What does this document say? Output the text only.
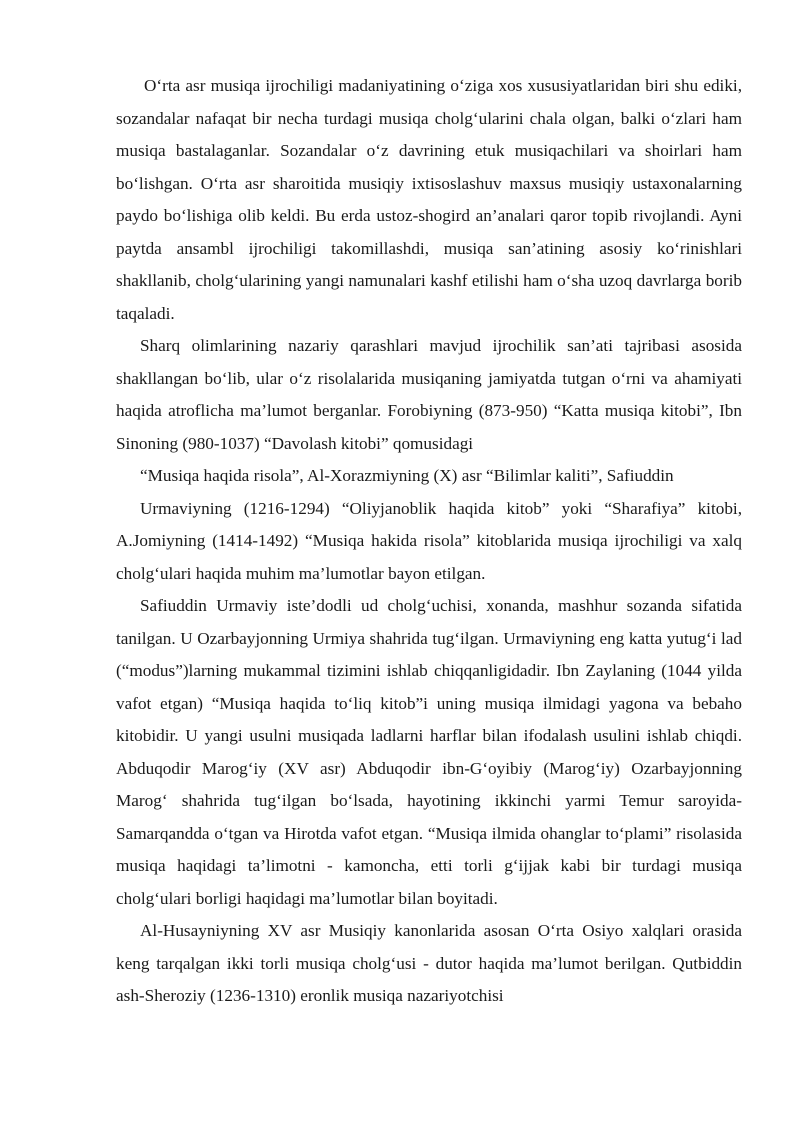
O‘rta asr musiqa ijrochiligi madaniyatining o‘ziga xos xususiyatlaridan biri shu ediki, sozandalar nafaqat bir necha turdagi musiqa cholg‘ularini chala olgan, balki o‘zlari ham musiqa bastalaganlar. Sozandalar o‘z davrining etuk musiqachilari va shoirlari ham bo‘lishgan. O‘rta asr sharoitida musiqiy ixtisoslashuv maxsus musiqiy ustaxonalarning paydo bo‘lishiga olib keldi. Bu erda ustoz-shogird an’analari qaror topib rivojlandi. Ayni paytda ansambl ijrochiligi takomillashdi, musiqa san’atining asosiy ko‘rinishlari shakllanib, cholg‘ularining yangi namunalari kashf etilishi ham o‘sha uzoq davrlarga borib taqaladi.

Sharq olimlarining nazariy qarashlari mavjud ijrochilik san’ati tajribasi asosida shakllangan bo‘lib, ular o‘z risolalarida musiqaning jamiyatda tutgan o‘rni va ahamiyati haqida atroflicha ma’lumot berganlar. Forobiyning (873-950) “Katta musiqa kitobi”, Ibn Sinoning (980-1037) “Davolash kitobi” qomusidagi

“Musiqa haqida risola”, Al-Xorazmiyning (X) asr “Bilimlar kaliti”, Safiuddin

Urmaviyning (1216-1294) “Oliyjanoblik haqida kitob” yoki “Sharafiya” kitobi, A.Jomiyning (1414-1492) “Musiqa hakida risola” kitoblarida musiqa ijrochiligi va xalq cholg‘ulari haqida muhim ma’lumotlar bayon etilgan.

Safiuddin Urmaviy iste’dodli ud cholg‘uchisi, xonanda, mashhur sozanda sifatida tanilgan. U Ozarbayjonning Urmiya shahrida tug‘ilgan. Urmaviyning eng katta yutug‘i lad (“modus”)larning mukammal tizimini ishlab chiqqanligidadir. Ibn Zaylaning (1044 yilda vafot etgan) “Musiqa haqida to‘liq kitob”i uning musiqa ilmidagi yagona va bebaho kitobidir. U yangi usulni musiqada ladlarni harflar bilan ifodalash usulini ishlab chiqdi. Abduqodir Marog‘iy (XV asr) Abduqodir ibn-G‘oyibiy (Marog‘iy) Ozarbayjonning Marog‘ shahrida tug‘ilgan bo‘lsada, hayotining ikkinchi yarmi Temur saroyida-Samarqandda o‘tgan va Hirotda vafot etgan. “Musiqa ilmida ohanglar to‘plami” risolasida musiqa haqidagi ta’limotni - kamoncha, etti torli g‘ijjak kabi bir turdagi musiqa cholg‘ulari borligi haqidagi ma’lumotlar bilan boyitadi.

Al-Husayniyning XV asr Musiqiy kanonlarida asosan O‘rta Osiyo xalqlari orasida keng tarqalgan ikki torli musiqa cholg‘usi - dutor haqida ma’lumot berilgan. Qutbiddin ash-Sheroziy (1236-1310) eronlik musiqa nazariyotchisi
